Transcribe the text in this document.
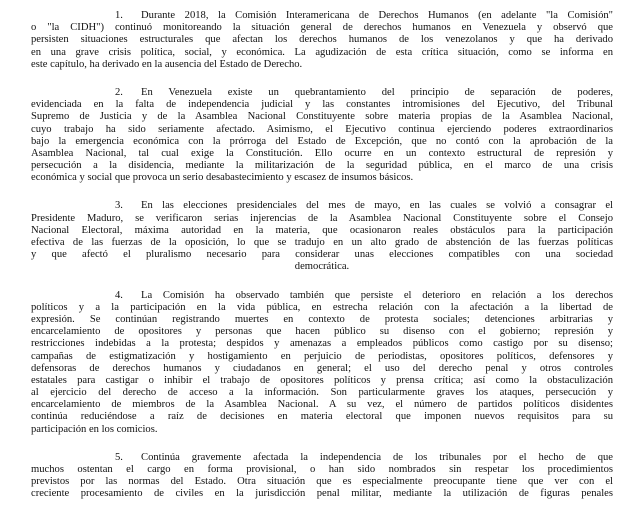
1. Durante 2018, la Comisión Interamericana de Derechos Humanos (en adelante "la Comisión"
o "la CIDH") continuó monitoreando la situación general de derechos humanos en Venezuela y observó que
persisten situaciones estructurales que afectan los derechos humanos de los venezolanos y que ha derivado
en una grave crisis política, social, y económica. La agudización de esta crítica situación, como se informa en
este capítulo, ha derivado en la ausencia del Estado de Derecho.
2. En Venezuela existe un quebrantamiento del principio de separación de poderes,
evidenciada en la falta de independencia judicial y las constantes intromisiones del Ejecutivo, del Tribunal
Supremo de Justicia y de la Asamblea Nacional Constituyente sobre materia propias de la Asamblea Nacional,
cuyo trabajo ha sido seriamente afectado. Asimismo, el Ejecutivo continua ejerciendo poderes extraordinarios
bajo la emergencia económica con la prórroga del Estado de Excepción, que no contó con la aprobación de la
Asamblea Nacional, tal cual exige la Constitución. Ello ocurre en un contexto estructural de represión y
persecución a la disidencia, mediante la militarización de la seguridad pública, en el marco de una crisis
económica y social que provoca un serio desabastecimiento y escasez de insumos básicos.
3. En las elecciones presidenciales del mes de mayo, en las cuales se volvió a consagrar el
Presidente Maduro, se verificaron serias injerencias de la Asamblea Nacional Constituyente sobre el Consejo
Nacional Electoral, máxima autoridad en la materia, que ocasionaron reales obstáculos para la participación
efectiva de las fuerzas de la oposición, lo que se tradujo en un alto grado de abstención de las fuerzas políticas
y que afectó el pluralismo necesario para considerar unas elecciones compatibles con una sociedad
democrática.
4. La Comisión ha observado también que persiste el deterioro en relación a los derechos
políticos y a la participación en la vida pública, en estrecha relación con la afectación a la libertad de
expresión. Se continúan registrando muertes en contexto de protesta sociales; detenciones arbitrarias y
encarcelamiento de opositores y personas que hacen público su disenso con el gobierno; represión y
restricciones indebidas a la protesta; despidos y amenazas a empleados públicos como castigo por su disenso;
campañas de estigmatización y hostigamiento en perjuicio de periodistas, opositores políticos, defensores y
defensoras de derechos humanos y ciudadanos en general; el uso del derecho penal y otros controles
estatales para castigar o inhibir el trabajo de opositores políticos y prensa crítica; así como la obstaculización
al ejercicio del derecho de acceso a la información. Son particularmente graves los ataques, persecución y
encarcelamiento de miembros de la Asamblea Nacional. A su vez, el número de partidos políticos disidentes
continúa reduciéndose a raíz de decisiones en materia electoral que imponen nuevos requisitos para su
participación en los comicios.
5. Continúa gravemente afectada la independencia de los tribunales por el hecho de que
muchos ostentan el cargo en forma provisional, o han sido nombrados sin respetar los procedimientos
previstos por las normas del Estado. Otra situación que es especialmente preocupante tiene que ver con el
creciente procesamiento de civiles en la jurisdicción penal militar, mediante la utilización de figuras penales
